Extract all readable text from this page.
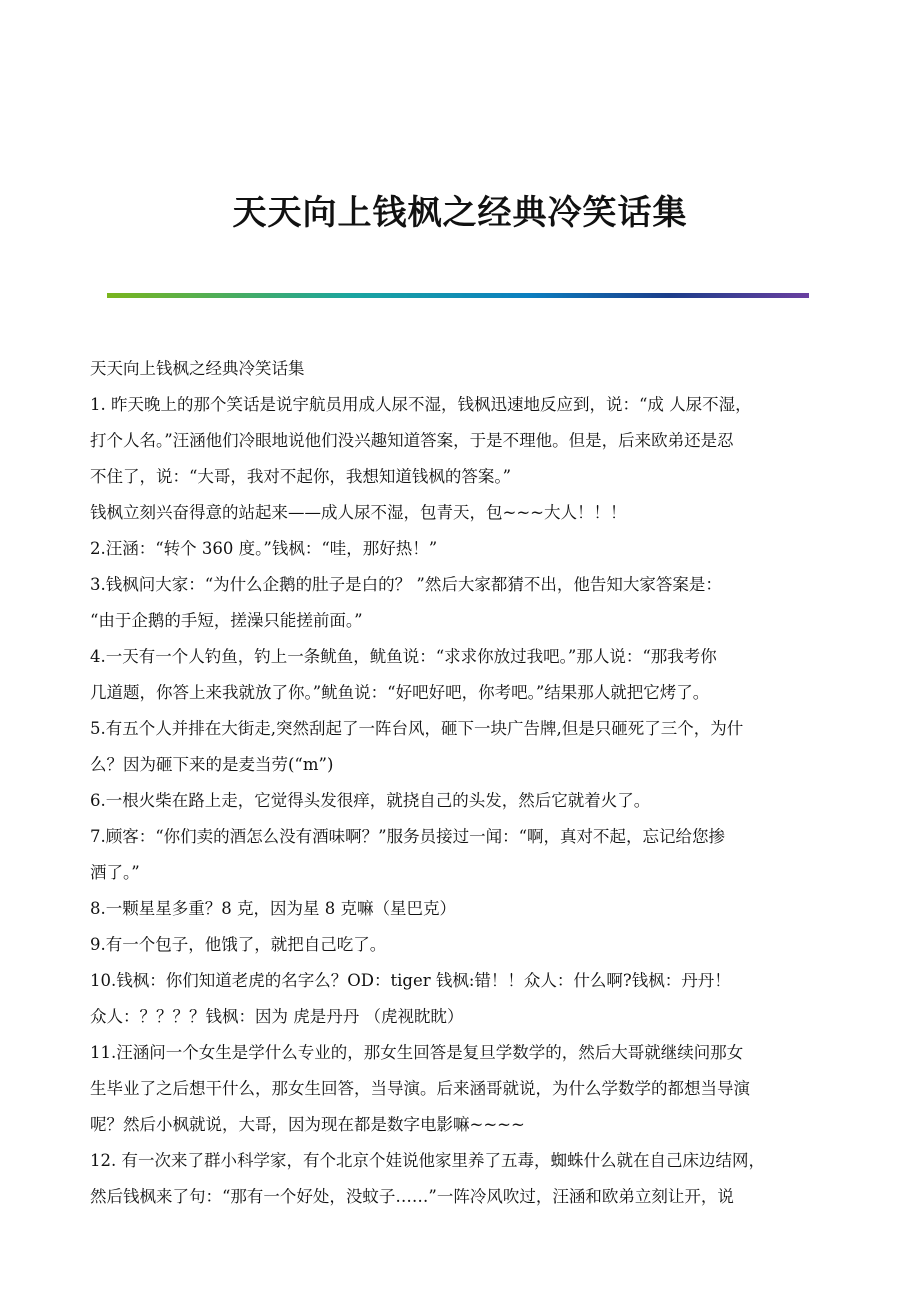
天天向上钱枫之经典冷笑话集
天天向上钱枫之经典冷笑话集
1. 昨天晚上的那个笑话是说宇航员用成人尿不湿，钱枫迅速地反应到，说：“成 人尿不湿，
打个人名。”汪涵他们冷眼地说他们没兴趣知道答案，于是不理他。但是，后来欧弟还是忍
不住了，说：“大哥，我对不起你，我想知道钱枫的答案。”
钱枫立刻兴奋得意的站起来——成人尿不湿，包青天，包~~~大人！！！
2.汪涵：“转个 360 度。”钱枫：“哇，那好热！”
3.钱枫问大家：“为什么企鹅的肚子是白的？ ”然后大家都猜不出，他告知大家答案是：
“由于企鹅的手短，搓澡只能搓前面。”
4.一天有一个人钓鱼，钓上一条鱿鱼，鱿鱼说：“求求你放过我吧。”那人说：“那我考你
几道题，你答上来我就放了你。”鱿鱼说：“好吧好吧，你考吧。”结果那人就把它烤了。
5.有五个人并排在大街走,突然刮起了一阵台风，砸下一块广告牌,但是只砸死了三个，为什
么？因为砸下来的是麦当劳(“m”)
6.一根火柴在路上走，它觉得头发很痒，就挠自己的头发，然后它就着火了。
7.顾客：“你们卖的酒怎么没有酒味啊？”服务员接过一闻：“啊，真对不起，忘记给您掺
酒了。”
8.一颗星星多重？8 克，因为星 8 克嘛（星巴克）
9.有一个包子，他饿了，就把自己吃了。
10.钱枫：你们知道老虎的名字么？OD：tiger 钱枫:错！！众人：什么啊?钱枫：丹丹！
众人：？？？？钱枫：因为 虎是丹丹 （虎视眈眈）
11.汪涵问一个女生是学什么专业的，那女生回答是复旦学数学的，然后大哥就继续问那女
生毕业了之后想干什么，那女生回答，当导演。后来涵哥就说，为什么学数学的都想当导演
呢？然后小枫就说，大哥，因为现在都是数字电影嘛~~~~
12. 有一次来了群小科学家，有个北京个娃说他家里养了五毒，蜘蛛什么就在自己床边结网，
然后钱枫来了句：“那有一个好处，没蚊子……”一阵冷风吹过，汪涵和欧弟立刻让开，说
